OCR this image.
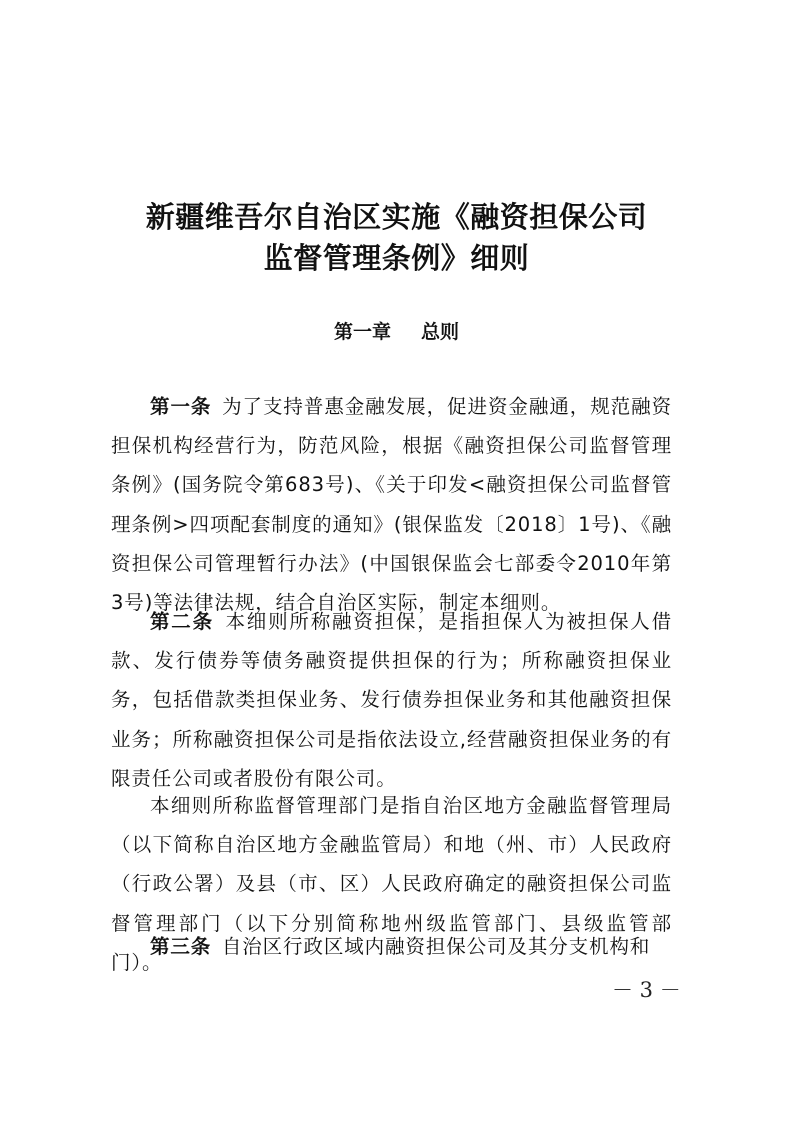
新疆维吾尔自治区实施《融资担保公司
监督管理条例》细则
第一章 总则

第一条  为了支持普惠金融发展，促进资金融通，规范融资担保机构经营行为，防范风险，根据《融资担保公司监督管理条例》(国务院令第683号)、《关于印发<融资担保公司监督管理条例>四项配套制度的通知》(银保监发〔2018〕1号)、《融资担保公司管理暂行办法》(中国银保监会七部委令2010年第3号)等法律法规，结合自治区实际，制定本细则。

第二条  本细则所称融资担保，是指担保人为被担保人借款、发行债券等债务融资提供担保的行为；所称融资担保业务，包括借款类担保业务、发行债券担保业务和其他融资担保业务；所称融资担保公司是指依法设立,经营融资担保业务的有限责任公司或者股份有限公司。

本细则所称监督管理部门是指自治区地方金融监督管理局（以下简称自治区地方金融监管局）和地（州、市）人民政府（行政公署）及县（市、区）人民政府确定的融资担保公司监督管理部门（以下分别简称地州级监管部门、县级监管部门）。

第三条  自治区行政区域内融资担保公司及其分支机构和

－ 3 －
